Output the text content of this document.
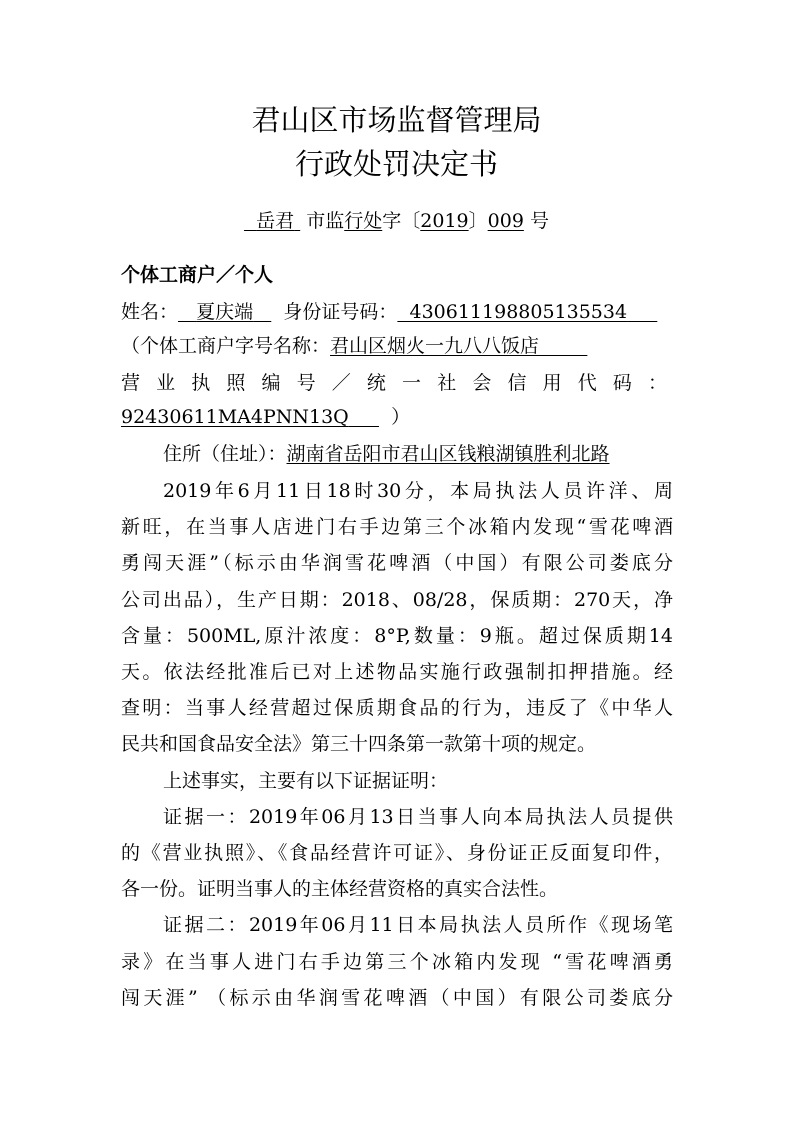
君山区市场监督管理局
行政处罚决定书
岳君  市监行处字〔2019〕009 号
个体工商户／个人
姓名： 夏庆端 身份证号码： 430611198805135534
（个体工商户字号名称：君山区烟火一九八八饭店
营业执照编号／统一社会信用代码：
92430611MA4PNN13Q ）
住所（住址）：湖南省岳阳市君山区钱粮湖镇胜利北路
2019年6月11日18时30分，本局执法人员许洋、周
新旺，在当事人店进门右手边第三个冰箱内发现“雪花啤酒
勇闯天涯”（标示由华润雪花啤酒（中国）有限公司娄底分
公司出品），生产日期：2018、08/28，保质期：270天，净
含量：500ML,原汁浓度：8°P,数量：9瓶。超过保质期14
天。依法经批准后已对上述物品实施行政强制扣押措施。经
查明：当事人经营超过保质期食品的行为，违反了《中华人
民共和国食品安全法》第三十四条第一款第十项的规定。
上述事实，主要有以下证据证明：
证据一：2019年06月13日当事人向本局执法人员提供
的《营业执照》、《食品经营许可证》、身份证正反面复印件，
各一份。证明当事人的主体经营资格的真实合法性。
证据二：2019年06月11日本局执法人员所作《现场笔
录》在当事人进门右手边第三个冰箱内发现 “雪花啤酒勇
闯天涯” （标示由华润雪花啤酒（中国）有限公司娄底分
